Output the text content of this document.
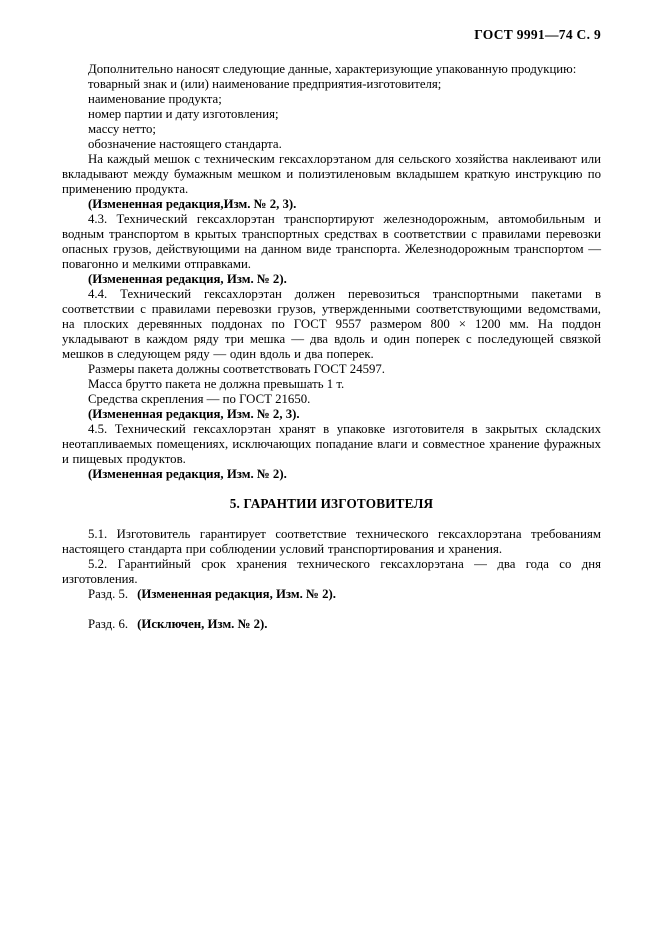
ГОСТ 9991—74 С. 9
Дополнительно наносят следующие данные, характеризующие упакованную продукцию:
товарный знак и (или) наименование предприятия-изготовителя;
наименование продукта;
номер партии и дату изготовления;
массу нетто;
обозначение настоящего стандарта.

На каждый мешок с техническим гексахлорэтаном для сельского хозяйства наклеивают или вкладывают между бумажным мешком и полиэтиленовым вкладышем краткую инструкцию по применению продукта.

(Измененная редакция,Изм. № 2, 3).

4.3. Технический гексахлорэтан транспортируют железнодорожным, автомобильным и водным транспортом в крытых транспортных средствах в соответствии с правилами перевозки опасных грузов, действующими на данном виде транспорта. Железнодорожным транспортом — повагонно и мелкими отправками.

(Измененная редакция, Изм. № 2).

4.4. Технический гексахлорэтан должен перевозиться транспортными пакетами в соответствии с правилами перевозки грузов, утвержденными соответствующими ведомствами, на плоских деревянных поддонах по ГОСТ 9557 размером 800 × 1200 мм. На поддон укладывают в каждом ряду три мешка — два вдоль и один поперек с последующей связкой мешков в следующем ряду — один вдоль и два поперек.

Размеры пакета должны соответствовать ГОСТ 24597.
Масса брутто пакета не должна превышать 1 т.
Средства скрепления — по ГОСТ 21650.
(Измененная редакция, Изм. № 2, 3).

4.5. Технический гексахлорэтан хранят в упаковке изготовителя в закрытых складских неотапливаемых помещениях, исключающих попадание влаги и совместное хранение фуражных и пищевых продуктов.

(Измененная редакция, Изм. № 2).
5. ГАРАНТИИ ИЗГОТОВИТЕЛЯ

5.1. Изготовитель гарантирует соответствие технического гексахлорэтана требованиям настоящего стандарта при соблюдении условий транспортирования и хранения.

5.2. Гарантийный срок хранения технического гексахлорэтана — два года со дня изготовления.

Разд. 5. (Измененная редакция, Изм. № 2).
Разд. 6. (Исключен, Изм. № 2).
